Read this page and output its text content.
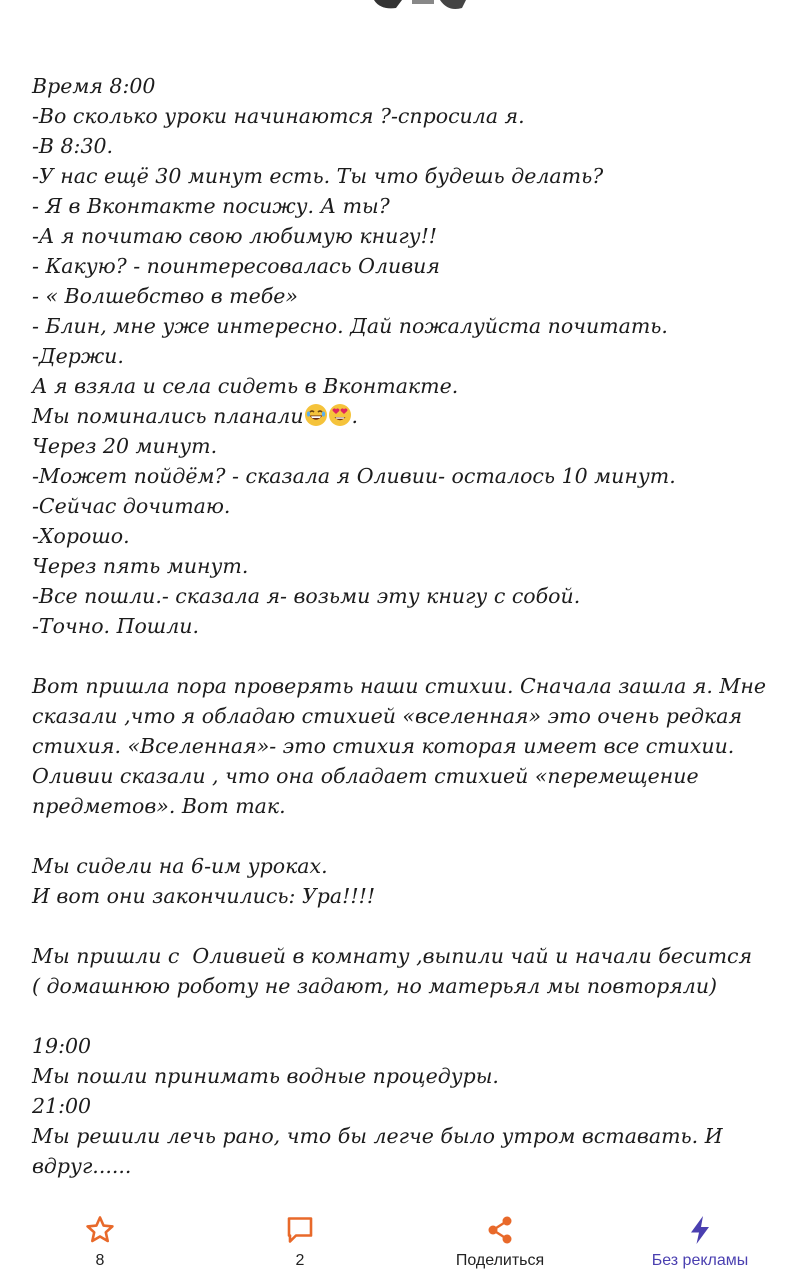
Время 8:00
-Во сколько уроки начинаются ?-спросила я.
-В 8:30.
-У нас ещё 30 минут есть. Ты что будешь делать?
- Я в Вконтакте посижу. А ты?
-А я почитаю свою любимую книгу!!
- Какую? - поинтересовалась Оливия
- « Волшебство в тебе»
- Блин, мне уже интересно. Дай пожалуйста почитать.
-Держи.
А я взяла и села сидеть в Вконтакте.
Мы поминались планали .
Через 20 минут.
-Может пойдём? - сказала я Оливии- осталось 10 минут.
-Сейчас дочитаю.
-Хорошо.
Через пять минут.
-Все пошли.- сказала я- возьми эту книгу с собой.
-Точно. Пошли.
Вот пришла пора проверять наши стихии. Сначала зашла я. Мне сказали ,что я обладаю стихией «вселенная» это очень редкая стихия. «Вселенная»- это стихия которая имеет все стихии. Оливии сказали , что она обладает стихией «перемещение предметов». Вот так.
Мы сидели на 6-им уроках.
И вот они закончились: Ура!!!!
Мы пришли с  Оливией в комнату ,выпили чай и начали бесится
( домашнюю роботу не задают, но матерьял мы повторяли)
19:00
Мы пошли принимать водные процедуры.
21:00
Мы решили лечь рано, что бы легче было утром вставать. И вдруг......
8	2	Поделиться	Без рекламы
